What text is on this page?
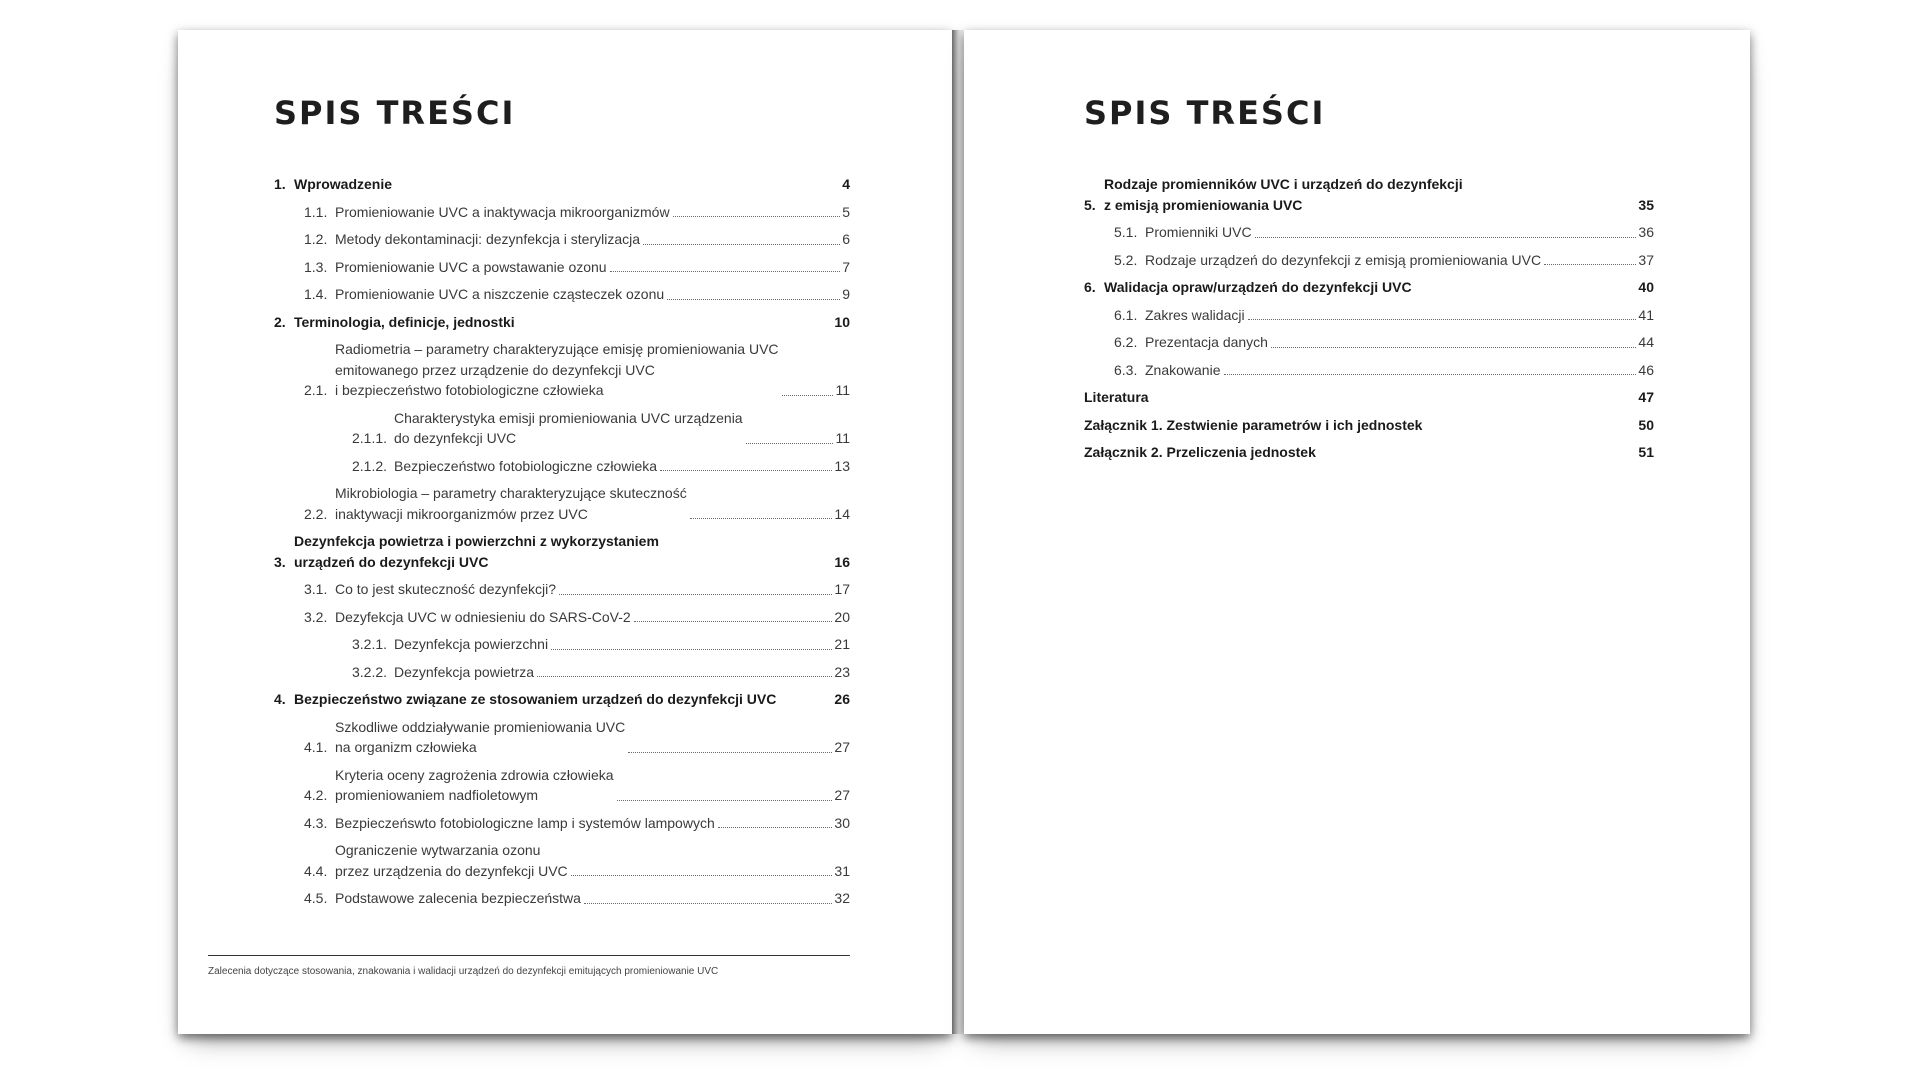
SPIS TREŚCI
1. Wprowadzenie	4
1.1. Promieniowanie UVC a inaktywacja mikroorganizmów	5
1.2. Metody dekontaminacji: dezynfekcja i sterylizacja	6
1.3. Promieniowanie UVC a powstawanie ozonu	7
1.4. Promieniowanie UVC a niszczenie cząsteczek ozonu	9
2. Terminologia, definicje, jednostki	10
2.1.
Radiometria – parametry charakteryzujące emisję promieniowania UVC
emitowanego przez urządzenie do dezynfekcji UVC
i bezpieczeństwo fotobiologiczne człowieka	11
2.1.1.
Charakterystyka emisji promieniowania UVC urządzenia
do dezynfekcji UVC	11
2.1.2. Bezpieczeństwo fotobiologiczne człowieka	13
2.2.
Mikrobiologia – parametry charakteryzujące skuteczność
inaktywacji mikroorganizmów przez UVC	14
3.
Dezynfekcja powietrza i powierzchni z wykorzystaniem
urządzeń do dezynfekcji UVC	16
3.1. Co to jest skuteczność dezynfekcji?	17
3.2. Dezyfekcja UVC w odniesieniu do SARS-CoV-2	20
3.2.1. Dezynfekcja powierzchni	21
3.2.2. Dezynfekcja powietrza	23
4. Bezpieczeństwo związane ze stosowaniem urządzeń do dezynfekcji UVC	26
4.1.
Szkodliwe oddziaływanie promieniowania UVC
na organizm człowieka	27
4.2.
Kryteria oceny zagrożenia zdrowia człowieka
promieniowaniem nadfioletowym	27
4.3. Bezpieczeńswto fotobiologiczne lamp i systemów lampowych	30
4.4.
Ograniczenie wytwarzania ozonu
przez urządzenia do dezynfekcji UVC	31
4.5. Podstawowe zalecenia bezpieczeństwa	32
Zalecenia dotyczące stosowania, znakowania i walidacji urządzeń do dezynfekcji emitujących promieniowanie UVC
SPIS TREŚCI
5.
Rodzaje promienników UVC i urządzeń do dezynfekcji
z emisją promieniowania UVC	35
5.1. Promienniki UVC	36
5.2. Rodzaje urządzeń do dezynfekcji z emisją promieniowania UVC	37
6. Walidacja opraw/urządzeń do dezynfekcji UVC	40
6.1. Zakres walidacji	41
6.2. Prezentacja danych	44
6.3. Znakowanie	46
Literatura	47
Załącznik 1. Zestwienie parametrów i ich jednostek	50
Załącznik 2. Przeliczenia jednostek	51
